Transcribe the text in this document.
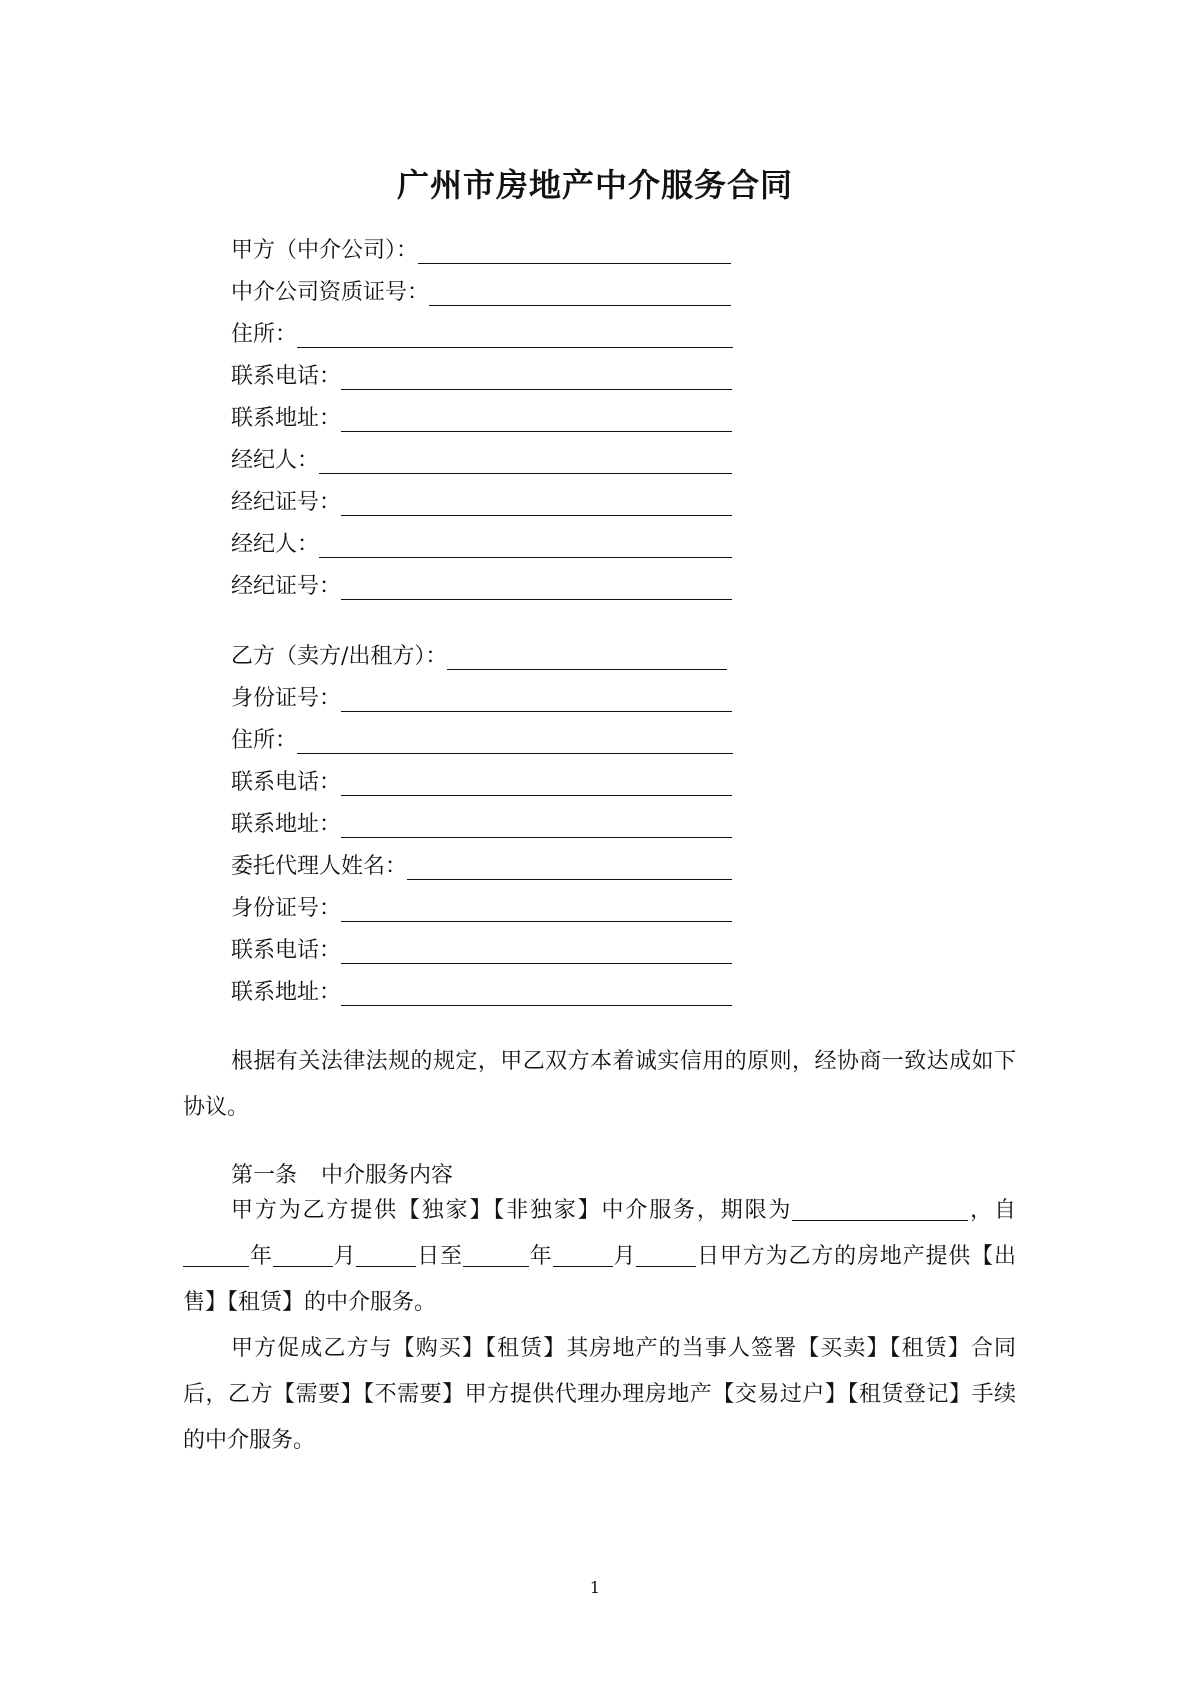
广州市房地产中介服务合同
甲方（中介公司）：
中介公司资质证号：
住所：
联系电话：
联系地址：
经纪人：
经纪证号：
经纪人：
经纪证号：
乙方（卖方/出租方）：
身份证号：
住所：
联系电话：
联系地址：
委托代理人姓名：
身份证号：
联系电话：
联系地址：
根据有关法律法规的规定，甲乙双方本着诚实信用的原则，经协商一致达成如下协议。
第一条 中介服务内容
甲方为乙方提供【独家】【非独家】中介服务，期限为	，自年	月	日至	年	月	日甲方为乙方的房地产提供【出售】【租赁】的中介服务。
甲方促成乙方与【购买】【租赁】其房地产的当事人签署【买卖】【租赁】合同后，乙方【需要】【不需要】甲方提供代理办理房地产【交易过户】【租赁登记】手续的中介服务。
1
